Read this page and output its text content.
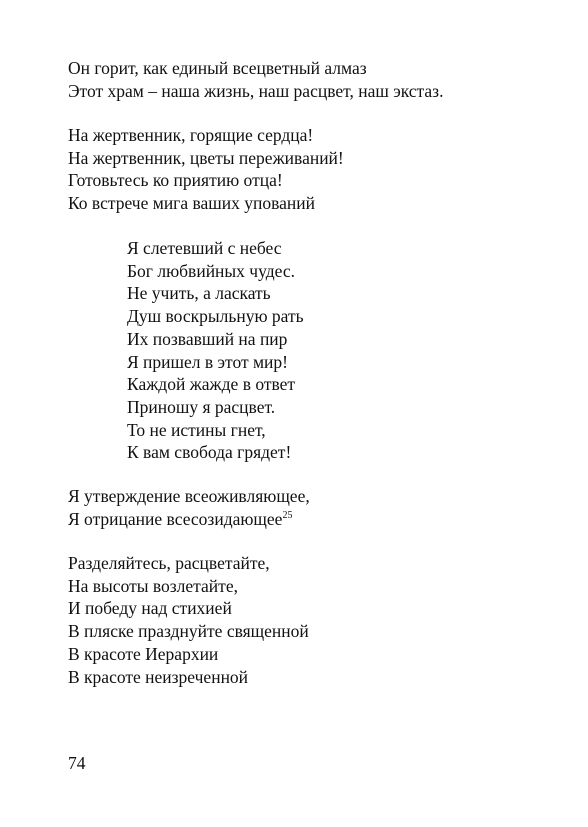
Он горит, как единый всецветный алмаз
Этот храм – наша жизнь, наш расцвет, наш экстаз.
На жертвенник, горящие сердца!
На жертвенник, цветы переживаний!
Готовьтесь ко приятию отца!
Ко встрече мига ваших упований
Я слетевший с небес
Бог любвийных чудес.
Не учить, а ласкать
Душ воскрыльную рать
Их позвавший на пир
Я пришел в этот мир!
Каждой жажде в ответ
Приношу я расцвет.
То не истины гнет,
К вам свобода грядет!
Я утверждение всеоживляющее,
Я отрицание всесозидающее$^{25}$
Разделяйтесь, расцветайте,
На высоты возлетайте,
И победу над стихией
В пляске празднуйте священной
В красоте Иерархии
В красоте неизреченной
74
